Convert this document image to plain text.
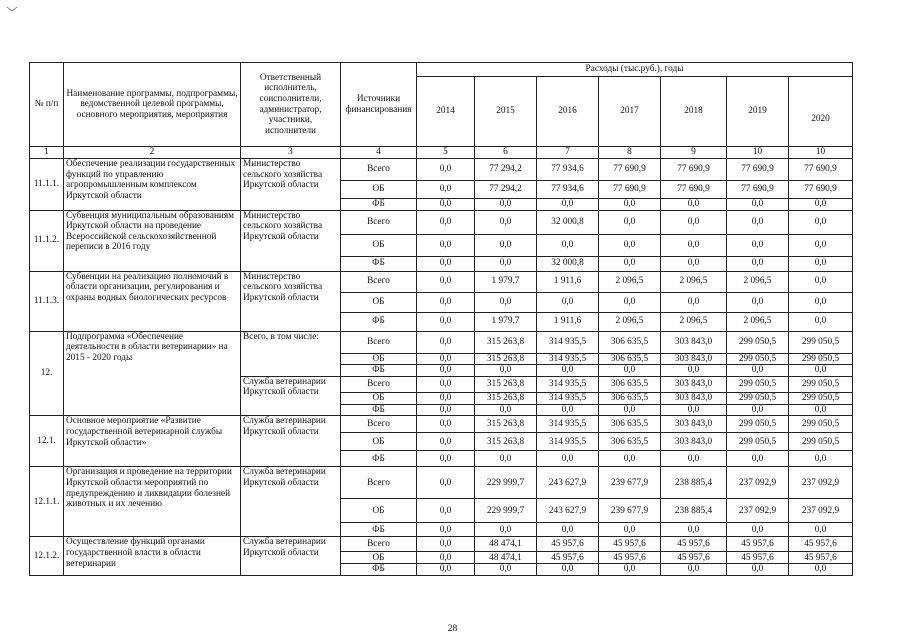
№ п/п	Наименование программы, подпрограммы, ведомственной целевой программы, основного мероприятия, мероприятия	Ответственный исполнитель, соисполнители, администратор, участники, исполнители	Источники финансирования	Расходы (тыс.руб.), годы						
				2014	2015	2016	2017	2018	2019	2020
1	2	3	4	5	6	7	8	9	10	10
11.1.1.	Обеспечение реализации государственных функций по управлению агропромышленным комплексом Иркутской области	Министерство сельского хозяйства Иркутской области	Всего	0,0	77 294,2	77 934,6	77 690,9	77 690,9	77 690,9	77 690,9
			ОБ	0,0	77 294,2	77 934,6	77 690,9	77 690,9	77 690,9	77 690,9
			ФБ	0,0	0,0	0,0	0,0	0,0	0,0	0,0
11.1.2.	Субвенция муниципальным образованиям Иркутской области на проведение Всероссийской сельскохозяйственной переписи в 2016 году	Министерство сельского хозяйства Иркутской области	Всего	0,0	0,0	32 000,8	0,0	0,0	0,0	0,0
			ОБ	0,0	0,0	0,0	0,0	0,0	0,0	0,0
			ФБ	0,0	0,0	32 000,8	0,0	0,0	0,0	0,0
11.1.3.	Субвенции на реализацию полномочий в области организации, регулирования и охраны водных биологических ресурсов	Министерство сельского хозяйства Иркутской области	Всего	0,0	1 979,7	1 911,6	2 096,5	2 096,5	2 096,5	0,0
			ОБ	0,0	0,0	0,0	0,0	0,0	0,0	0,0
			ФБ	0,0	1 979,7	1 911,6	2 096,5	2 096,5	2 096,5	0,0
12.	Подпрограмма «Обеспечение деятельности в области ветеринарии» на 2015 - 2020 годы	Всего, в том числе:	Всего	0,0	315 263,8	314 935,5	306 635,5	303 843,0	299 050,5	299 050,5
			ОБ	0,0	315 263,8	314 935,5	306 635,5	303 843,0	299 050,5	299 050,5
			ФБ	0,0	0,0	0,0	0,0	0,0	0,0	0,0
		Служба ветеринарии Иркутской области	Всего	0,0	315 263,8	314 935,5	306 635,5	303 843,0	299 050,5	299 050,5
			ОБ	0,0	315 263,8	314 935,5	306 635,5	303 843,0	299 050,5	299 050,5
			ФБ	0,0	0,0	0,0	0,0	0,0	0,0	0,0
12.1.	Основное мероприятие «Развитие государственной ветеринарной службы Иркутской области»	Служба ветеринарии Иркутской области	Всего	0,0	315 263,8	314 935,5	306 635,5	303 843,0	299 050,5	299 050,5
			ОБ	0,0	315 263,8	314 935,5	306 635,5	303 843,0	299 050,5	299 050,5
			ФБ	0,0	0,0	0,0	0,0	0,0	0,0	0,0
12.1.1.	Организация и проведение на территории Иркутской области мероприятий по предупреждению и ликвидации болезней животных и их лечению	Служба ветеринарии Иркутской области	Всего	0,0	229 999,7	243 627,9	239 677,9	238 885,4	237 092,9	237 092,9
			ОБ	0,0	229 999,7	243 627,9	239 677,9	238 885,4	237 092,9	237 092,9
			ФБ	0,0	0,0	0,0	0,0	0,0	0,0	0,0
12.1.2.	Осуществление функций органами государственной власти в области ветеринарии	Служба ветеринарии Иркутской области	Всего	0,0	48 474,1	45 957,6	45 957,6	45 957,6	45 957,6	45 957,6
			ОБ	0,0	48 474,1	45 957,6	45 957,6	45 957,6	45 957,6	45 957,6
			ФБ	0,0	0,0	0,0	0,0	0,0	0,0	0,0
28
